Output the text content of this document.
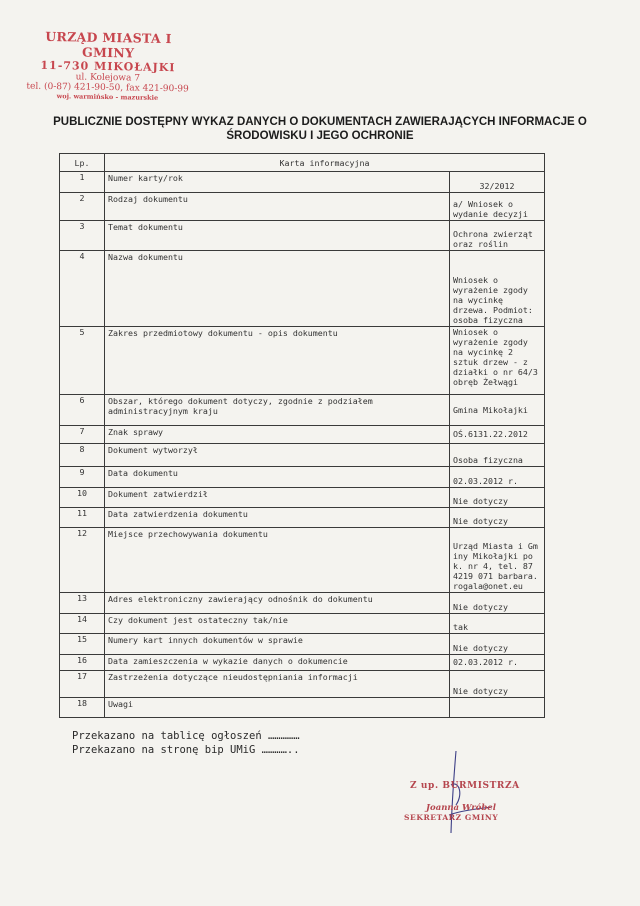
URZĄD MIASTA I GMINY
11-730 MIKOŁAJKI
ul. Kolejowa 7
tel. (0-87) 421-90-50, fax 421-90-99
woj. warmińsko - mazurskie
PUBLICZNIE DOSTĘPNY WYKAZ DANYCH O DOKUMENTACH ZAWIERAJĄCYCH INFORMACJE O ŚRODOWISKU I JEGO OCHRONIE
Lp.	Karta informacyjna	
1	Numer karty/rok	32/2012
2	Rodzaj dokumentu	a/ Wniosek o wydanie decyzji
3	Temat dokumentu	Ochrona zwierząt oraz roślin
4	Nazwa dokumentu	Wniosek o wyrażenie zgody na wycinkę drzewa. Podmiot: osoba fizyczna
5	Zakres przedmiotowy dokumentu - opis dokumentu	Wniosek o wyrażenie zgody na wycinkę 2 sztuk drzew - z działki o nr 64/3 obręb Żełwągi
6	Obszar, którego dokument dotyczy, zgodnie z podziałem administracyjnym kraju	Gmina Mikołajki
7	Znak sprawy	OŚ.6131.22.2012
8	Dokument wytworzył	Osoba fizyczna
9	Data dokumentu	02.03.2012 r.
10	Dokument zatwierdził	Nie dotyczy
11	Data zatwierdzenia dokumentu	Nie dotyczy
12	Miejsce przechowywania dokumentu	Urząd Miasta i Gminy Mikołajki pok. nr 4, tel. 87 4219 071 barbara.rogala@onet.eu
13	Adres elektroniczny zawierający odnośnik do dokumentu	Nie dotyczy
14	Czy dokument jest ostateczny tak/nie	tak
15	Numery kart innych dokumentów w sprawie	Nie dotyczy
16	Data zamieszczenia w wykazie danych o dokumencie	02.03.2012 r.
17	Zastrzeżenia dotyczące nieudostępniania informacji	Nie dotyczy
18	Uwagi	
Przekazano na tablicę ogłoszeń ……………
Przekazano na stronę bip UMiG …………..
Z up. BURMISTRZA
Joanna Wróbel
SEKRETARZ GMINY
